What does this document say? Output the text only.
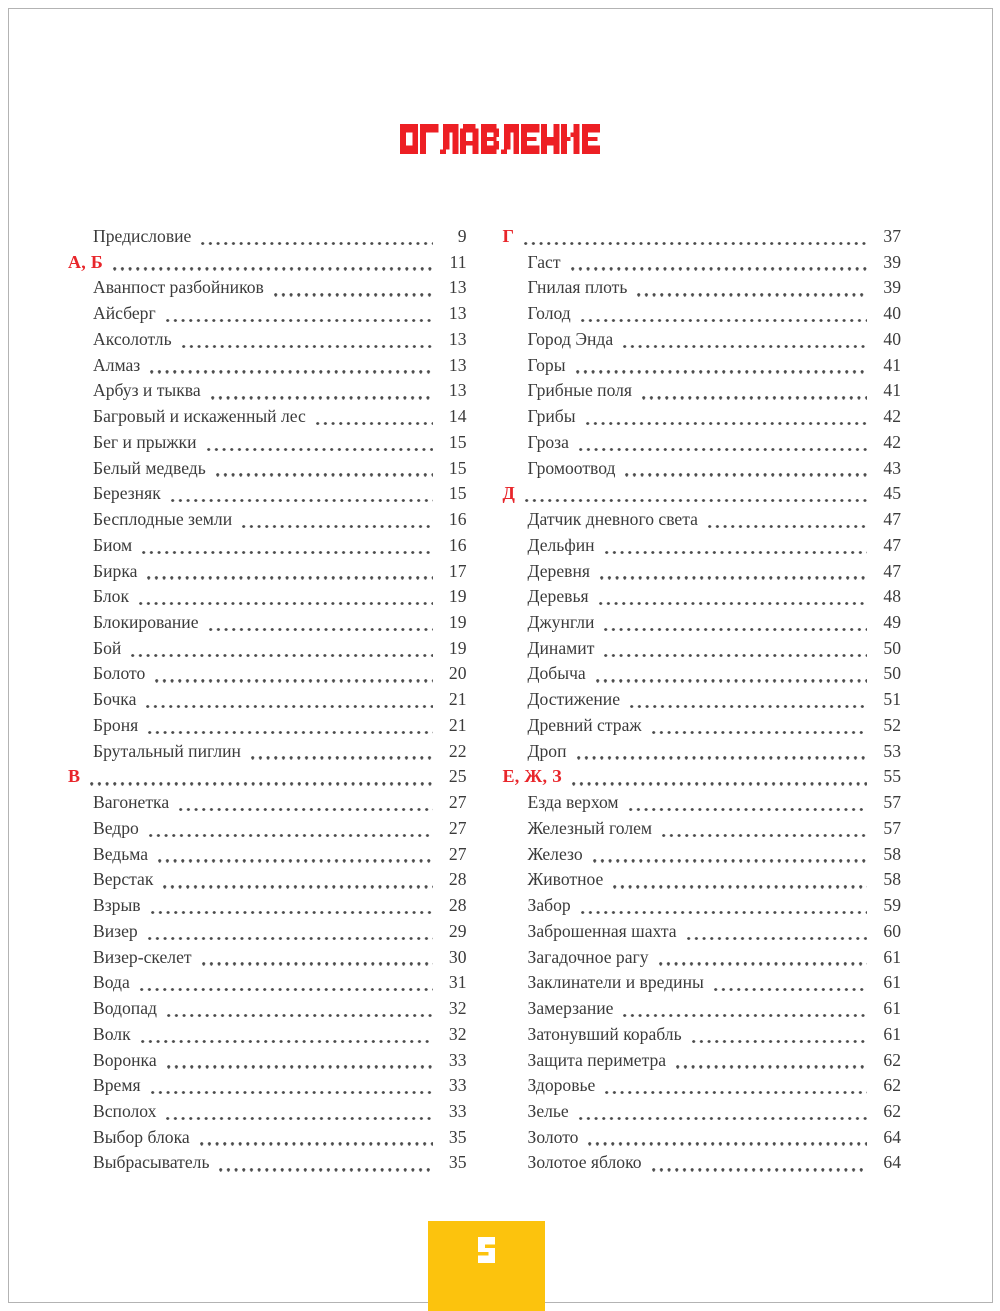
Предисловие	9
А, Б	11
Аванпост разбойников	13
Айсберг	13
Аксолотль	13
Алмаз	13
Арбуз и тыква	13
Багровый и искаженный лес	14
Бег и прыжки	15
Белый медведь	15
Березняк	15
Бесплодные земли	16
Биом	16
Бирка	17
Блок	19
Блокирование	19
Бой	19
Болото	20
Бочка	21
Броня	21
Брутальный пиглин	22
В	25
Вагонетка	27
Ведро	27
Ведьма	27
Верстак	28
Взрыв	28
Визер	29
Визер-скелет	30
Вода	31
Водопад	32
Волк	32
Воронка	33
Время	33
Всполох	33
Выбор блока	35
Выбрасыватель	35
Г	37
Гаст	39
Гнилая плоть	39
Голод	40
Город Энда	40
Горы	41
Грибные поля	41
Грибы	42
Гроза	42
Громоотвод	43
Д	45
Датчик дневного света	47
Дельфин	47
Деревня	47
Деревья	48
Джунгли	49
Динамит	50
Добыча	50
Достижение	51
Древний страж	52
Дроп	53
Е, Ж, З	55
Езда верхом	57
Железный голем	57
Железо	58
Животное	58
Забор	59
Заброшенная шахта	60
Загадочное рагу	61
Заклинатели и вредины	61
Замерзание	61
Затонувший корабль	61
Защита периметра	62
Здоровье	62
Зелье	62
Золото	64
Золотое яблоко	64
